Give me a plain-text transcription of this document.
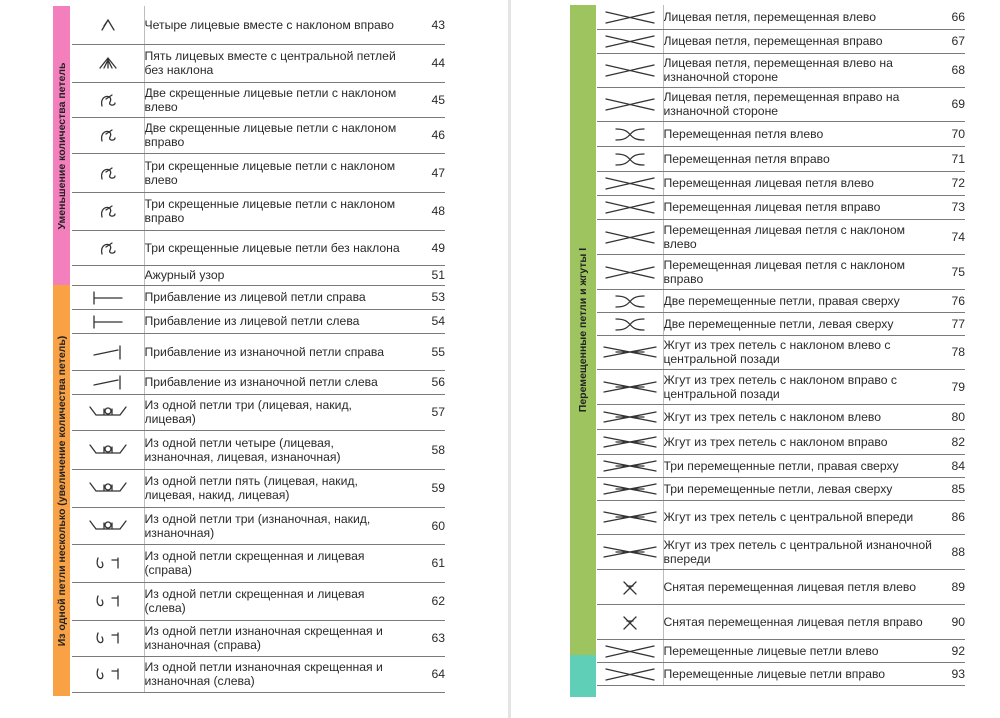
Уменьшение количества петель
Из одной петли несколько (увеличение количества петель)
	Четыре лицевые вместе с наклоном вправо	43

	Пять лицевых вместе с центральной петлей без наклона	44

	Две скрещенные лицевые петли с наклоном влево	45

	Две скрещенные лицевые петли с наклоном вправо	46

	Три скрещенные лицевые петли с наклоном влево	47

	Три скрещенные лицевые петли с наклоном вправо	48

	Три скрещенные лицевые петли без наклона	49
	Ажурный узор	51

	Прибавление из лицевой петли справа	53

	Прибавление из лицевой петли слева	54

	Прибавление из изнаночной петли справа	55

	Прибавление из изнаночной петли слева	56

	Из одной петли три (лицевая, накид, лицевая)	57

	Из одной петли четыре (лицевая, изнаночная, лицевая, изнаночная)	58

	Из одной петли пять (лицевая, накид, лицевая, накид, лицевая)	59

	Из одной петли три (изнаночная, накид, изнаночная)	60

	Из одной петли скрещенная и лицевая (справа)	61

	Из одной петли скрещенная и лицевая (слева)	62

	Из одной петли изнаночная скрещенная и изнаночная (справа)	63

	Из одной петли изнаночная скрещенная и изнаночная (слева)	64
Перемещенные петли и жгуты I
	Лицевая петля, перемещенная влево	66

	Лицевая петля, перемещенная вправо	67

	Лицевая петля, перемещенная влево на изнаночной стороне	68

	Лицевая петля, перемещенная вправо на изнаночной стороне	69

	Перемещенная петля влево	70

	Перемещенная петля вправо	71

	Перемещенная лицевая петля влево	72

	Перемещенная лицевая петля вправо	73

	Перемещенная лицевая петля с наклоном влево	74

	Перемещенная лицевая петля с наклоном вправо	75

	Две перемещенные петли, правая сверху	76

	Две перемещенные петли, левая сверху	77

	Жгут из трех петель с наклоном влево с центральной позади	78

	Жгут из трех петель с наклоном вправо с центральной позади	79

	Жгут из трех петель с наклоном влево	80

	Жгут из трех петель с наклоном вправо	82

	Три перемещенные петли, правая сверху	84

	Три перемещенные петли, левая сверху	85

	Жгут из трех петель с центральной впереди	86

	Жгут из трех петель с центральной изнаночной впереди	88

	Снятая перемещенная лицевая петля влево	89

	Снятая перемещенная лицевая петля вправо	90

	Перемещенные лицевые петли влево	92

	Перемещенные лицевые петли вправо	93
